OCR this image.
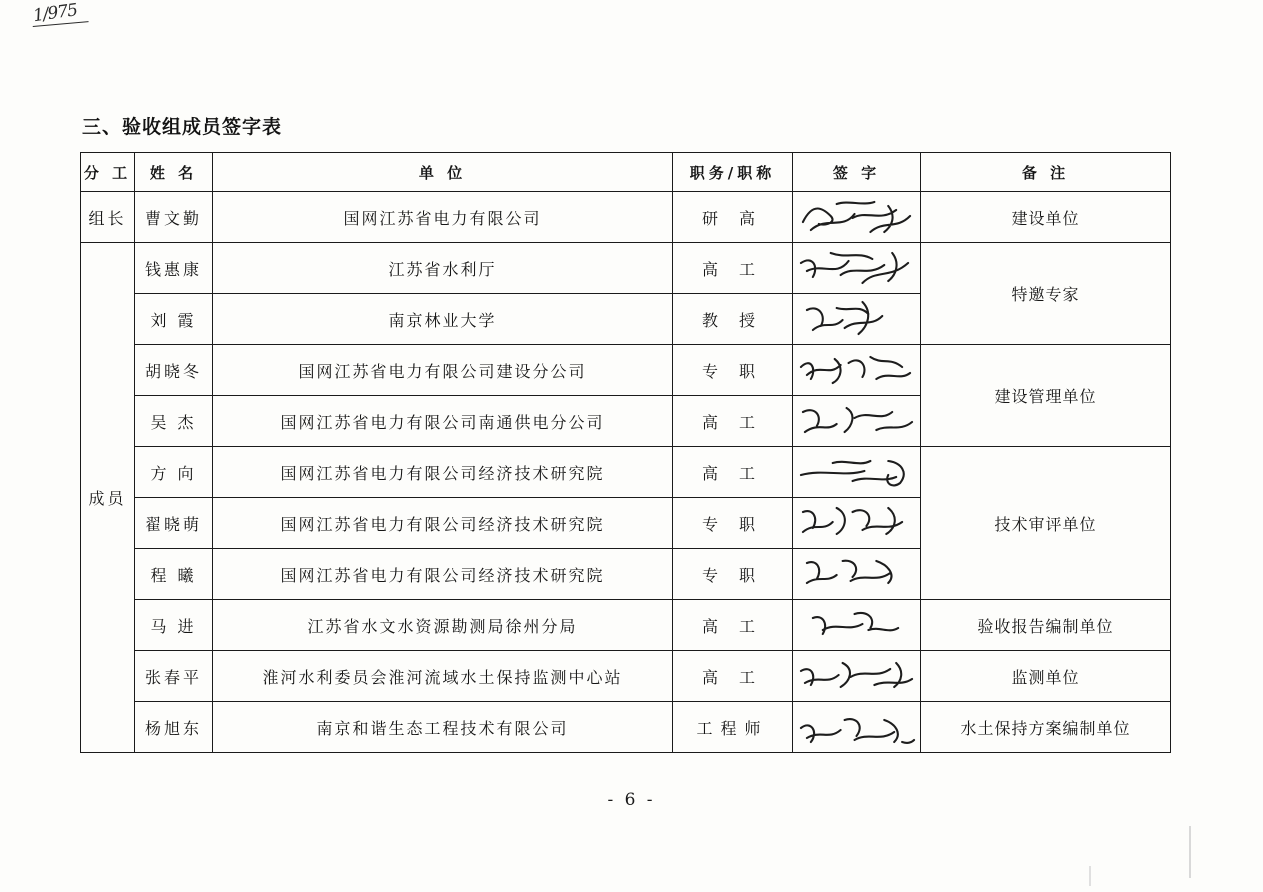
1/975
三、验收组成员签字表
分 工	姓 名	单 位	职务/职称	签 字	备 注
组长	曹文勤	国网江苏省电力有限公司	研 高		建设单位
成员	钱惠康	江苏省水利厅	高 工		特邀专家
	刘 霞	南京林业大学	教 授	

	胡晓冬	国网江苏省电力有限公司建设分公司	专 职		建设管理单位
	吴 杰	国网江苏省电力有限公司南通供电分公司	高 工	

	方 向	国网江苏省电力有限公司经济技术研究院	高 工		技术审评单位
	翟晓萌	国网江苏省电力有限公司经济技术研究院	专 职	

	程 曦	国网江苏省电力有限公司经济技术研究院	专 职	

	马 进	江苏省水文水资源勘测局徐州分局	高 工		验收报告编制单位
	张春平	淮河水利委员会淮河流域水土保持监测中心站	高 工		监测单位
	杨旭东	南京和谐生态工程技术有限公司	工程师		水土保持方案编制单位
- 6 -
